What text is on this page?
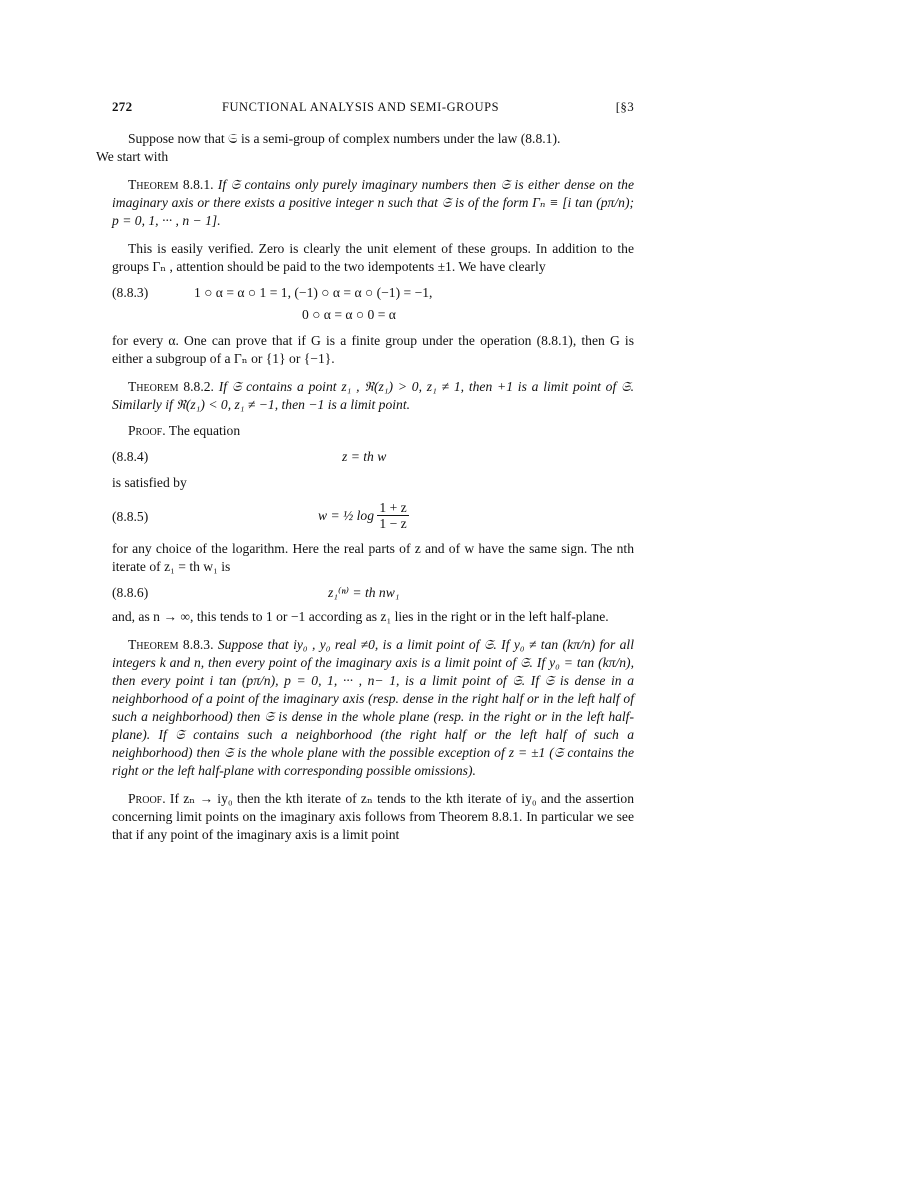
272	FUNCTIONAL ANALYSIS AND SEMI-GROUPS	[§3

Suppose now that 𝔖 is a semi-group of complex numbers under the law (8.8.1).
We start with

Theorem 8.8.1. If 𝔖 contains only purely imaginary numbers then 𝔖 is either dense on the imaginary axis or there exists a positive integer n such that 𝔖 is of the form Γₙ ≡ [i tan (pπ/n); p = 0, 1, ··· , n − 1].

This is easily verified. Zero is clearly the unit element of these groups. In addition to the groups Γₙ , attention should be paid to the two idempotents ±1. We have clearly

(8.8.3)	1 ○ α = α ○ 1 = 1, (−1) ○ α = α ○ (−1) = −1,
0 ○ α = α ○ 0 = α

for every α. One can prove that if G is a finite group under the operation (8.8.1), then G is either a subgroup of a Γₙ or {1} or {−1}.

Theorem 8.8.2. If 𝔖 contains a point z₁ , ℜ(z₁) > 0, z₁ ≠ 1, then +1 is a limit point of 𝔖. Similarly if ℜ(z₁) < 0, z₁ ≠ −1, then −1 is a limit point.

Proof. The equation

(8.8.4)	z = th w

is satisfied by

(8.8.5)	w = ½ $\log \frac{1 + z}{1 - z}$

for any choice of the logarithm. Here the real parts of z and of w have the same sign. The nth iterate of z₁ = th w₁ is

(8.8.6)	z₁⁽ⁿ⁾ = th nw₁

and, as n → ∞, this tends to 1 or −1 according as z₁ lies in the right or in the left half-plane.

Theorem 8.8.3. Suppose that iy₀ , y₀ real ≠0, is a limit point of 𝔖. If y₀ ≠ tan (kπ/n) for all integers k and n, then every point of the imaginary axis is a limit point of 𝔖. If y₀ = tan (kπ/n), then every point i tan (pπ/n), p = 0, 1, ··· , n− 1, is a limit point of 𝔖. If 𝔖 is dense in a neighborhood of a point of the imaginary axis (resp. dense in the right half or in the left half of such a neighborhood) then 𝔖 is dense in the whole plane (resp. in the right or in the left half-plane). If 𝔖 contains such a neighborhood (the right half or the left half of such a neighborhood) then 𝔖 is the whole plane with the possible exception of z = ±1 (𝔖 contains the right or the left half-plane with corresponding possible omissions).

Proof. If zₙ → iy₀ then the kth iterate of zₙ tends to the kth iterate of iy₀ and the assertion concerning limit points on the imaginary axis follows from Theorem 8.8.1. In particular we see that if any point of the imaginary axis is a limit point
